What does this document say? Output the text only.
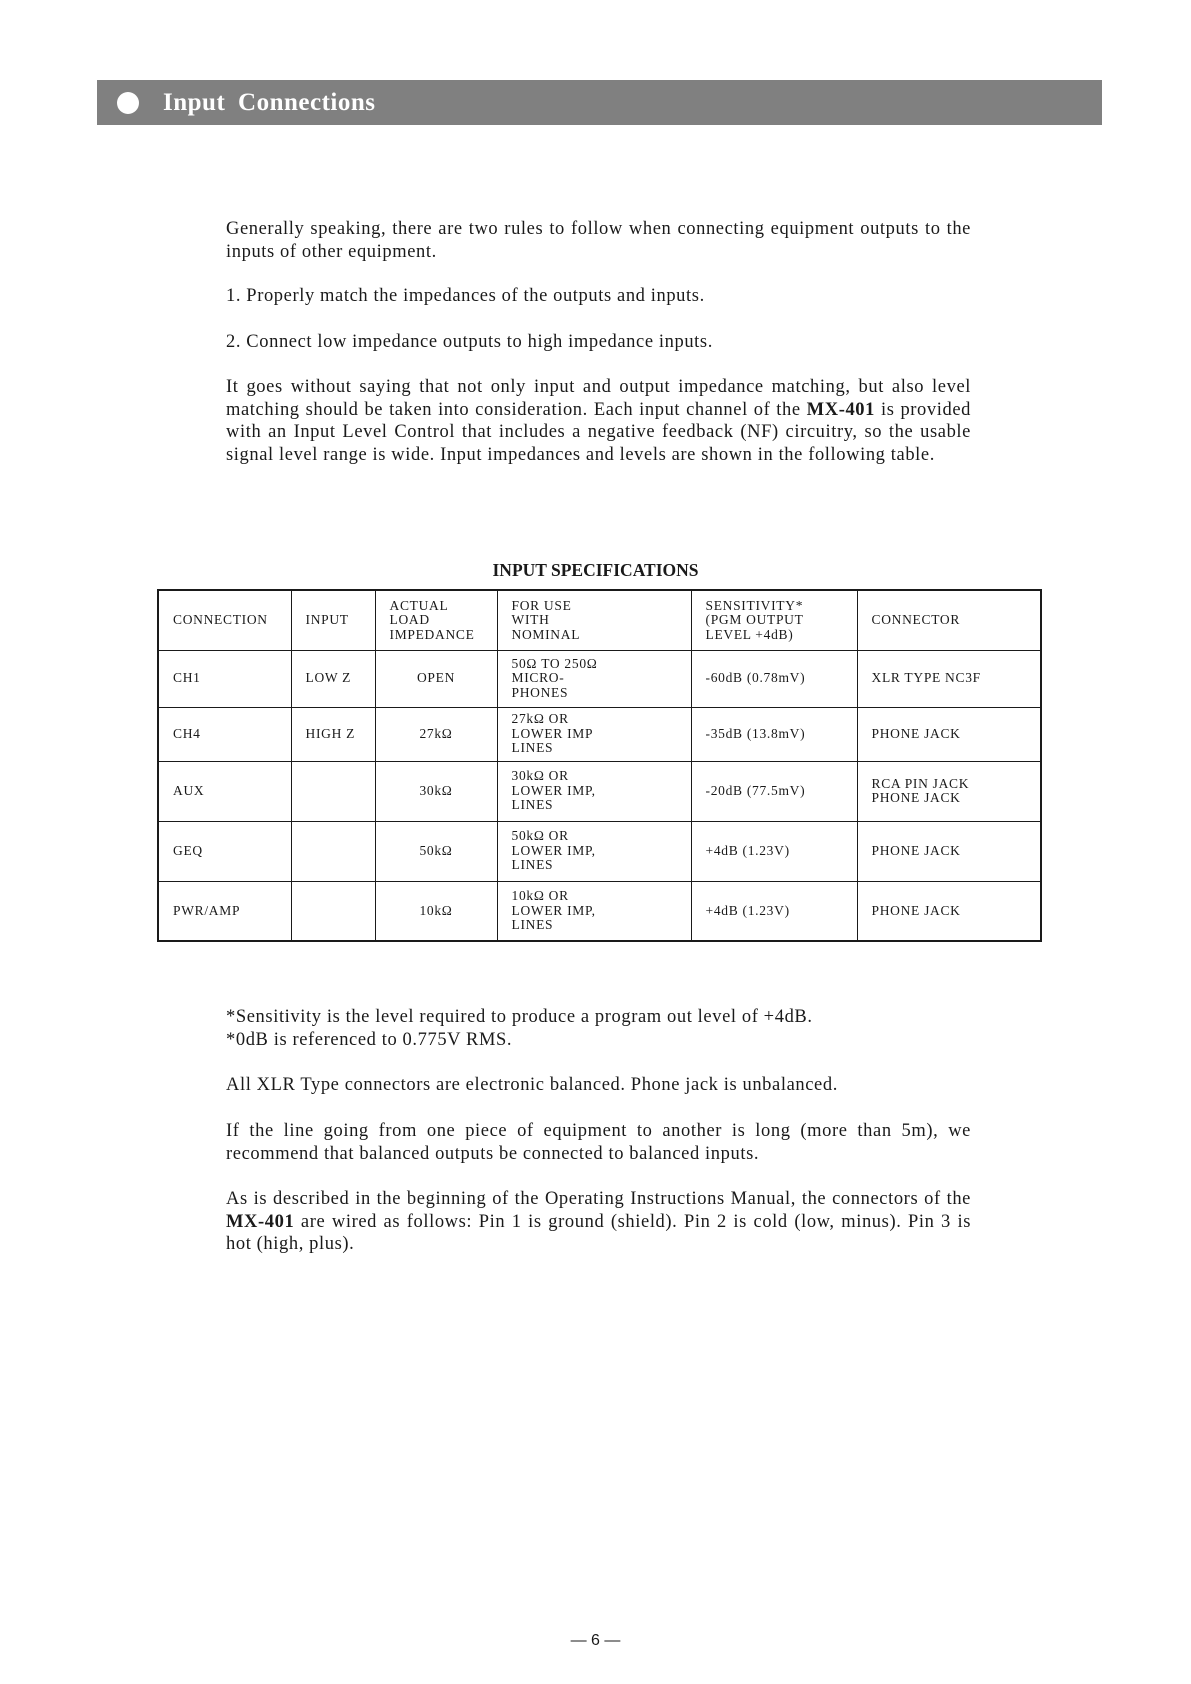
Input Connections

Generally speaking, there are two rules to follow when connecting equipment outputs to the inputs of other equipment.

1. Properly match the impedances of the outputs and inputs.

2. Connect low impedance outputs to high impedance inputs.

It goes without saying that not only input and output impedance matching, but also level matching should be taken into consideration. Each input channel of the MX-401 is provided with an Input Level Control that includes a negative feedback (NF) circuitry, so the usable signal level range is wide. Input impedances and levels are shown in the following table.

INPUT SPECIFICATIONS
CONNECTION	INPUT	ACTUAL
LOAD
IMPEDANCE	FOR USE
WITH
NOMINAL	SENSITIVITY*
(PGM OUTPUT
LEVEL +4dB)	CONNECTOR
CH1	LOW Z	OPEN	50Ω TO 250Ω
MICRO-
PHONES	-60dB (0.78mV)	XLR TYPE NC3F
CH4	HIGH Z	27kΩ	27kΩ OR
LOWER IMP
LINES	-35dB (13.8mV)	PHONE JACK
AUX		30kΩ	30kΩ OR
LOWER IMP,
LINES	-20dB (77.5mV)	RCA PIN JACK
PHONE JACK
GEQ		50kΩ	50kΩ OR
LOWER IMP,
LINES	+4dB (1.23V)	PHONE JACK
PWR/AMP		10kΩ	10kΩ OR
LOWER IMP,
LINES	+4dB (1.23V)	PHONE JACK

*Sensitivity is the level required to produce a program out level of +4dB.

*0dB is referenced to 0.775V RMS.

All XLR Type connectors are electronic balanced. Phone jack is unbalanced.

If the line going from one piece of equipment to another is long (more than 5m), we recommend that balanced outputs be connected to balanced inputs.

As is described in the beginning of the Operating Instructions Manual, the connectors of the MX-401 are wired as follows: Pin 1 is ground (shield). Pin 2 is cold (low, minus). Pin 3 is hot (high, plus).

— 6 —
